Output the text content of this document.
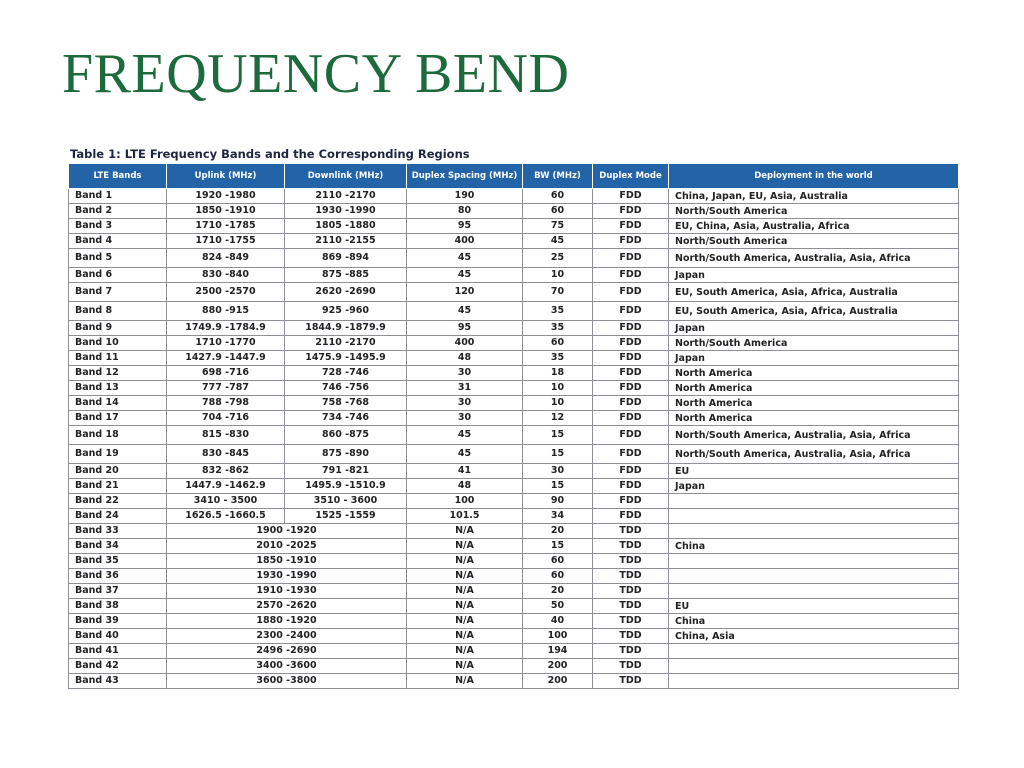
FREQUENCY BEND
Table 1: LTE Frequency Bands and the Corresponding Regions
LTE Bands	Uplink (MHz)	Downlink (MHz)	Duplex Spacing (MHz)	BW (MHz)	Duplex Mode	Deployment in the world
Band 1	1920 -1980	2110 -2170	190	60	FDD	China, Japan, EU, Asia, Australia
Band 2	1850 -1910	1930 -1990	80	60	FDD	North/South America
Band 3	1710 -1785	1805 -1880	95	75	FDD	EU, China, Asia, Australia, Africa
Band 4	1710 -1755	2110 -2155	400	45	FDD	North/South America
Band 5	824 -849	869 -894	45	25	FDD	North/South America, Australia, Asia, Africa
Band 6	830 -840	875 -885	45	10	FDD	Japan
Band 7	2500 -2570	2620 -2690	120	70	FDD	EU, South America, Asia, Africa, Australia
Band 8	880 -915	925 -960	45	35	FDD	EU, South America, Asia, Africa, Australia
Band 9	1749.9 -1784.9	1844.9 -1879.9	95	35	FDD	Japan
Band 10	1710 -1770	2110 -2170	400	60	FDD	North/South America
Band 11	1427.9 -1447.9	1475.9 -1495.9	48	35	FDD	Japan
Band 12	698 -716	728 -746	30	18	FDD	North America
Band 13	777 -787	746 -756	31	10	FDD	North America
Band 14	788 -798	758 -768	30	10	FDD	North America
Band 17	704 -716	734 -746	30	12	FDD	North America
Band 18	815 -830	860 -875	45	15	FDD	North/South America, Australia, Asia, Africa
Band 19	830 -845	875 -890	45	15	FDD	North/South America, Australia, Asia, Africa
Band 20	832 -862	791 -821	41	30	FDD	EU
Band 21	1447.9 -1462.9	1495.9 -1510.9	48	15	FDD	Japan
Band 22	3410 - 3500	3510 - 3600	100	90	FDD	
Band 24	1626.5 -1660.5	1525 -1559	101.5	34	FDD	
Band 33	1900 -1920		N/A	20	TDD	
Band 34	2010 -2025		N/A	15	TDD	China
Band 35	1850 -1910		N/A	60	TDD	
Band 36	1930 -1990		N/A	60	TDD	
Band 37	1910 -1930		N/A	20	TDD	
Band 38	2570 -2620		N/A	50	TDD	EU
Band 39	1880 -1920		N/A	40	TDD	China
Band 40	2300 -2400		N/A	100	TDD	China, Asia
Band 41	2496 -2690		N/A	194	TDD	
Band 42	3400 -3600		N/A	200	TDD	
Band 43	3600 -3800		N/A	200	TDD	
